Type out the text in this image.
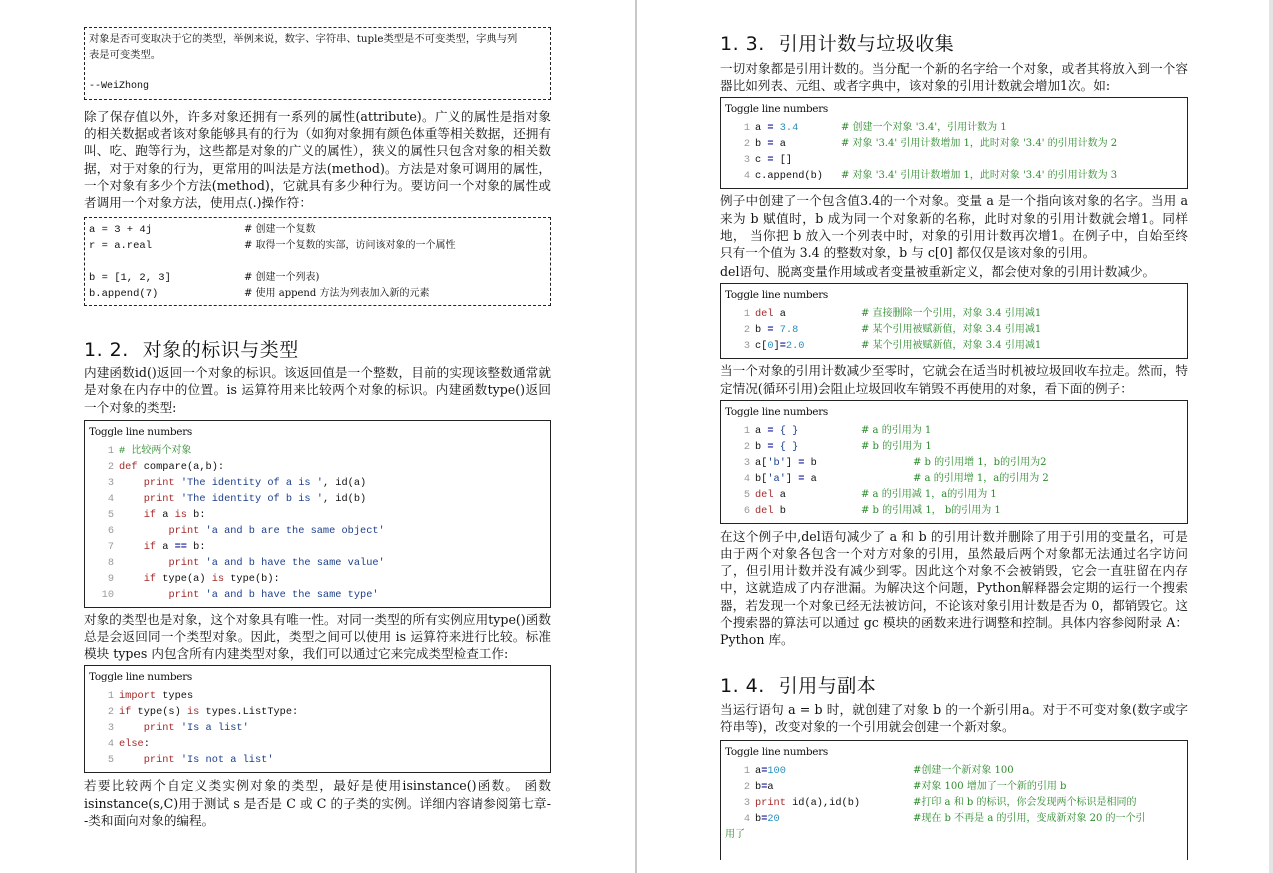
对象是否可变取决于它的类型，举例来说，数字、字符串、tuple类型是不可变类型，字典与列
表是可变类型。
--WeiZhong
除了保存值以外，许多对象还拥有一系列的属性(attribute)。广义的属性是指对象的相关数据或者该对象能够具有的行为（如狗对象拥有颜色体重等相关数据，还拥有叫、吃、跑等行为，这些都是对象的广义的属性），狭义的属性只包含对象的相关数据，对于对象的行为，更常用的叫法是方法(method)。方法是对象可调用的属性，一个对象有多少个方法(method)，它就具有多少种行为。要访问一个对象的属性或者调用一个对象方法，使用点(.)操作符：
a = 3 + 4j	# 创建一个复数
r = a.real	# 取得一个复数的实部，访问该对象的一个属性

b = [1, 2, 3]	# 创建一个列表)
b.append(7)	# 使用 append 方法为列表加入新的元素
1. 2. 对象的标识与类型
内建函数id()返回一个对象的标识。该返回值是一个整数，目前的实现该整数通常就是对象在内存中的位置。is 运算符用来比较两个对象的标识。内建函数type()返回一个对象的类型:
Toggle line numbers
1 # 比较两个对象
2 def compare(a,b):
3	print 'The identity of a is ', id(a)
4	print 'The identity of b is ', id(b)
5	if a is b:
6	print 'a and b are the same object'
7	if a == b:
8	print 'a and b have the same value'
9	if type(a) is type(b):
10	print 'a and b have the same type'
对象的类型也是对象，这个对象具有唯一性。对同一类型的所有实例应用type()函数总是会返回同一个类型对象。因此，类型之间可以使用 is 运算符来进行比较。标准模块 types 内包含所有内建类型对象，我们可以通过它来完成类型检查工作:
Toggle line numbers
1 import types
2 if type(s) is types.ListType:
3	print 'Is a list'
4 else:
5	print 'Is not a list'
若要比较两个自定义类实例对象的类型，最好是使用isinstance()函数。 函数isinstance(s,C)用于测试 s 是否是 C 或 C 的子类的实例。详细内容请参阅第七章--类和面向对象的编程。
1. 3. 引用计数与垃圾收集
一切对象都是引用计数的。当分配一个新的名字给一个对象，或者其将放入到一个容器比如列表、元组、或者字典中，该对象的引用计数就会增加1次。如:
Toggle line numbers
1 a = 3.4	# 创建一个对象 '3.4'，引用计数为 1
2 b = a	# 对象 '3.4' 引用计数增加 1，此时对象 '3.4' 的引用计数为 2
3 c = []
4 c.append(b) # 对象 '3.4' 引用计数增加 1，此时对象 '3.4' 的引用计数为 3
例子中创建了一个包含值3.4的一个对象。变量 a 是一个指向该对象的名字。当用 a 来为 b 赋值时，b 成为同一个对象新的名称，此时对象的引用计数就会增1。同样地， 当你把 b 放入一个列表中时，对象的引用计数再次增1。在例子中，自始至终只有一个值为 3.4 的整数对象，b 与 c[0] 都仅仅是该对象的引用。
del语句、脱离变量作用域或者变量被重新定义，都会使对象的引用计数减少。
Toggle line numbers
1 del a	# 直接删除一个引用，对象 3.4 引用减1
2 b = 7.8	# 某个引用被赋新值，对象 3.4 引用减1
3 c[0]=2.0	# 某个引用被赋新值，对象 3.4 引用减1
当一个对象的引用计数减少至零时，它就会在适当时机被垃圾回收车拉走。然而，特定情况(循环引用)会阻止垃圾回收车销毁不再使用的对象，看下面的例子：
Toggle line numbers
1 a = { }	# a 的引用为 1
2 b = { }	# b 的引用为 1
3 a['b'] = b	# b 的引用增 1，b的引用为2
4 b['a'] = a	# a 的引用增 1，a的引用为 2
5 del a	# a 的引用减 1，a的引用为 1
6 del b	# b 的引用减 1， b的引用为 1
在这个例子中,del语句减少了 a 和 b 的引用计数并删除了用于引用的变量名，可是由于两个对象各包含一个对方对象的引用，虽然最后两个对象都无法通过名字访问了，但引用计数并没有减少到零。因此这个对象不会被销毁，它会一直驻留在内存中，这就造成了内存泄漏。为解决这个问题，Python解释器会定期的运行一个搜索器，若发现一个对象已经无法被访问，不论该对象引用计数是否为 0，都销毁它。这个搜索器的算法可以通过 gc 模块的函数来进行调整和控制。具体内容参阅附录 A：Python 库。
1. 4. 引用与副本
当运行语句 a = b 时，就创建了对象 b 的一个新引用a。对于不可变对象(数字或字符串等)，改变对象的一个引用就会创建一个新对象。
Toggle line numbers
1 a=100	#创建一个新对象 100
2 b=a	#对象 100 增加了一个新的引用 b
3 print id(a),id(b)	#打印 a 和 b 的标识，你会发现两个标识是相同的
4 b=20	#现在 b 不再是 a 的引用，变成新对象 20 的一个引
用了
